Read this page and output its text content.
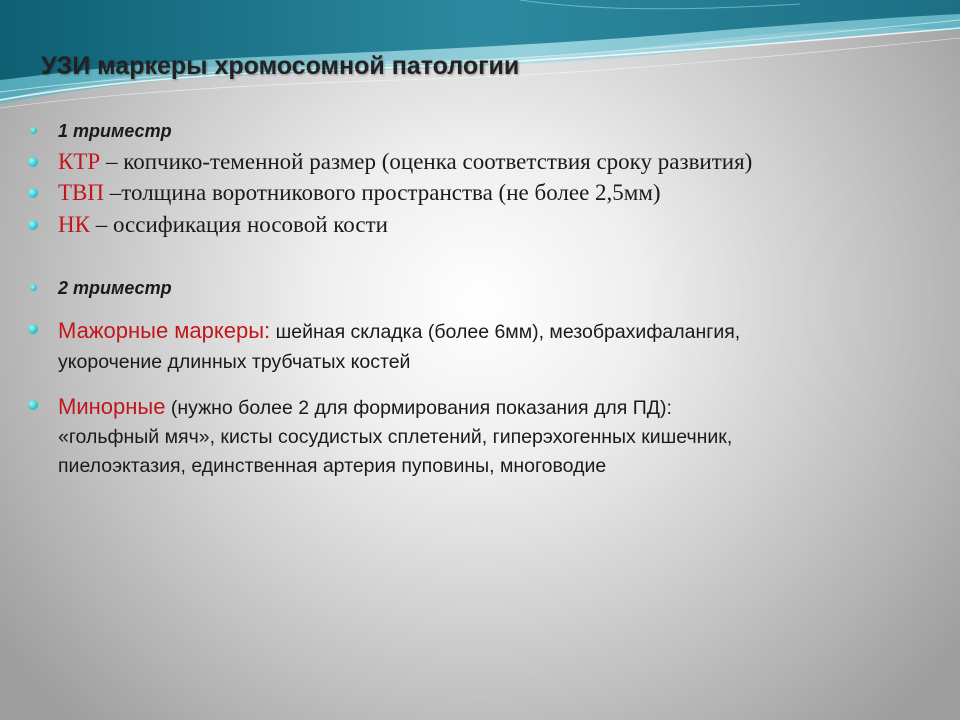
УЗИ маркеры хромосомной патологии
1 триместр
КТР – копчико-теменной размер (оценка соответствия сроку развития)
ТВП –толщина воротникового пространства (не более 2,5мм)
НК – оссификация носовой кости
2 триместр
Мажорные маркеры: шейная складка (более 6мм), мезобрахифалангия,
укорочение длинных трубчатых костей
Минорные (нужно более 2 для формирования показания для ПД):
«гольфный мяч», кисты сосудистых сплетений, гиперэхогенных кишечник,
пиелоэктазия, единственная артерия пуповины, многоводие
